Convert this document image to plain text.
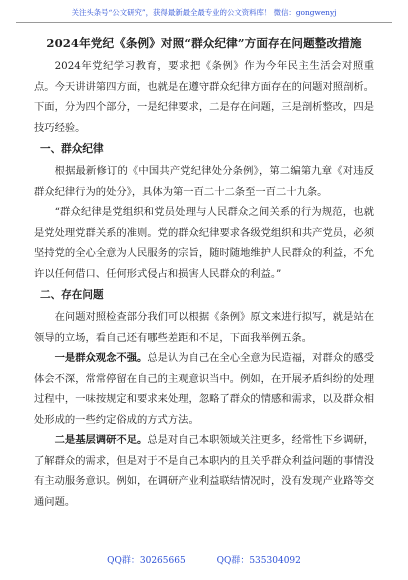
关注头条号“公文研究”，获得最新最全最专业的公文资料库！ 微信：gongwenyj
2024年党纪《条例》对照“群众纪律”方面存在问题整改措施

2024年党纪学习教育，要求把《条例》作为今年民主生活会对照重点。今天讲讲第四方面，也就是在遵守群众纪律方面存在的问题对照剖析。下面，分为四个部分，一是纪律要求，二是存在问题，三是剖析整改，四是技巧经验。

一、群众纪律

根据最新修订的《中国共产党纪律处分条例》，第二编第九章《对违反群众纪律行为的处分》，具体为第一百二十二条至一百二十九条。

“群众纪律是党组织和党员处理与人民群众之间关系的行为规范，也就是党处理党群关系的准则。党的群众纪律要求各级党组织和共产党员，必须坚持党的全心全意为人民服务的宗旨，随时随地维护人民群众的利益，不允许以任何借口、任何形式侵占和损害人民群众的利益。”

二、存在问题

在问题对照检查部分我们可以根据《条例》原文来进行拟写，就是站在领导的立场，看自己还有哪些差距和不足，下面我举例五条。

一是群众观念不强。总是认为自己在全心全意为民造福，对群众的感受体会不深，常常停留在自己的主观意识当中。例如，在开展矛盾纠纷的处理过程中，一味按规定和要求来处理，忽略了群众的情感和需求，以及群众相处形成的一些约定俗成的方式方法。

二是基层调研不足。总是对自己本职领域关注更多，经常性下乡调研，了解群众的需求，但是对于不是自己本职内的且关乎群众利益问题的事情没有主动服务意识。例如，在调研产业利益联结情况时，没有发现产业路等交通问题。

QQ群：30265665	QQ群：535304092
